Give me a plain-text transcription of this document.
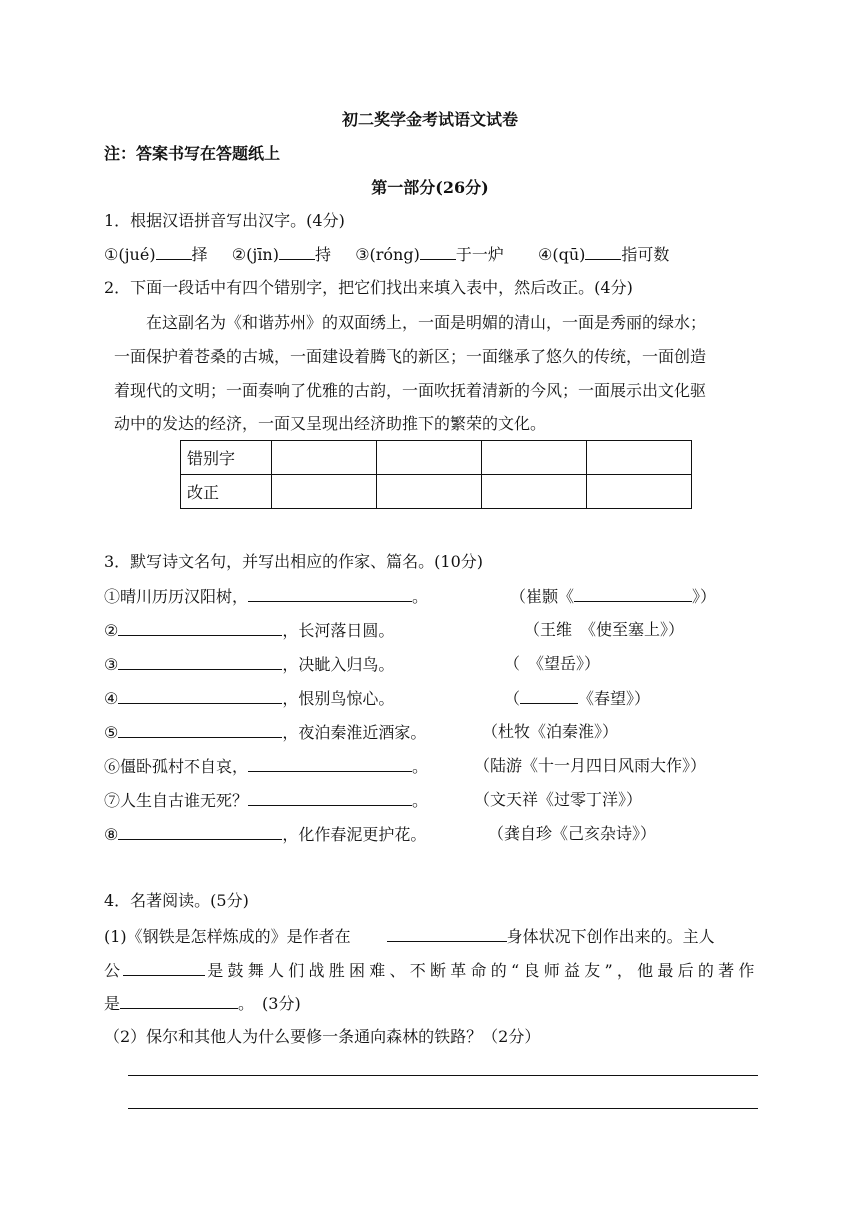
初二奖学金考试语文试卷
注：答案书写在答题纸上
第一部分(26分)
1．根据汉语拼音写出汉字。(4分)
①(jué) 择 ②(jīn) 持 ③(róng) 于一炉 ④(qū) 指可数
2．下面一段话中有四个错别字，把它们找出来填入表中，然后改正。(4分)
在这副名为《和谐苏州》的双面绣上，一面是明媚的清山，一面是秀丽的绿水；
一面保护着苍桑的古城，一面建设着腾飞的新区；一面继承了悠久的传统，一面创造
着现代的文明；一面奏响了优雅的古韵，一面吹抚着清新的今风；一面展示出文化驱
动中的发达的经济，一面又呈现出经济助推下的繁荣的文化。
错别字				
改正				
3．默写诗文名句，并写出相应的作家、篇名。(10分)
①晴川历历汉阳树，	。	（崔颢《	》）
②	，长河落日圆。	（王维　《使至塞上》）
③	，决眦入归鸟。	（　《望岳》）
④	，恨别鸟惊心。	（	《春望》）
⑤	，夜泊秦淮近酒家。	（杜牧《泊秦淮》）
⑥僵卧孤村不自哀，	。	（陆游《十一月四日风雨大作》）
⑦人生自古谁无死？	。	（文天祥《过零丁洋》）
⑧	，化作春泥更护花。	（龚自珍《己亥杂诗》）
4．名著阅读。(5分)
(1)《钢铁是怎样炼成的》是作者在	身体状况下创作出来的。主人
公	是鼓舞人们战胜困难、不断革命的“良师益友”，他最后的著作
是	。　(3分)
（2）保尔和其他人为什么要修一条通向森林的铁路？（2分）
